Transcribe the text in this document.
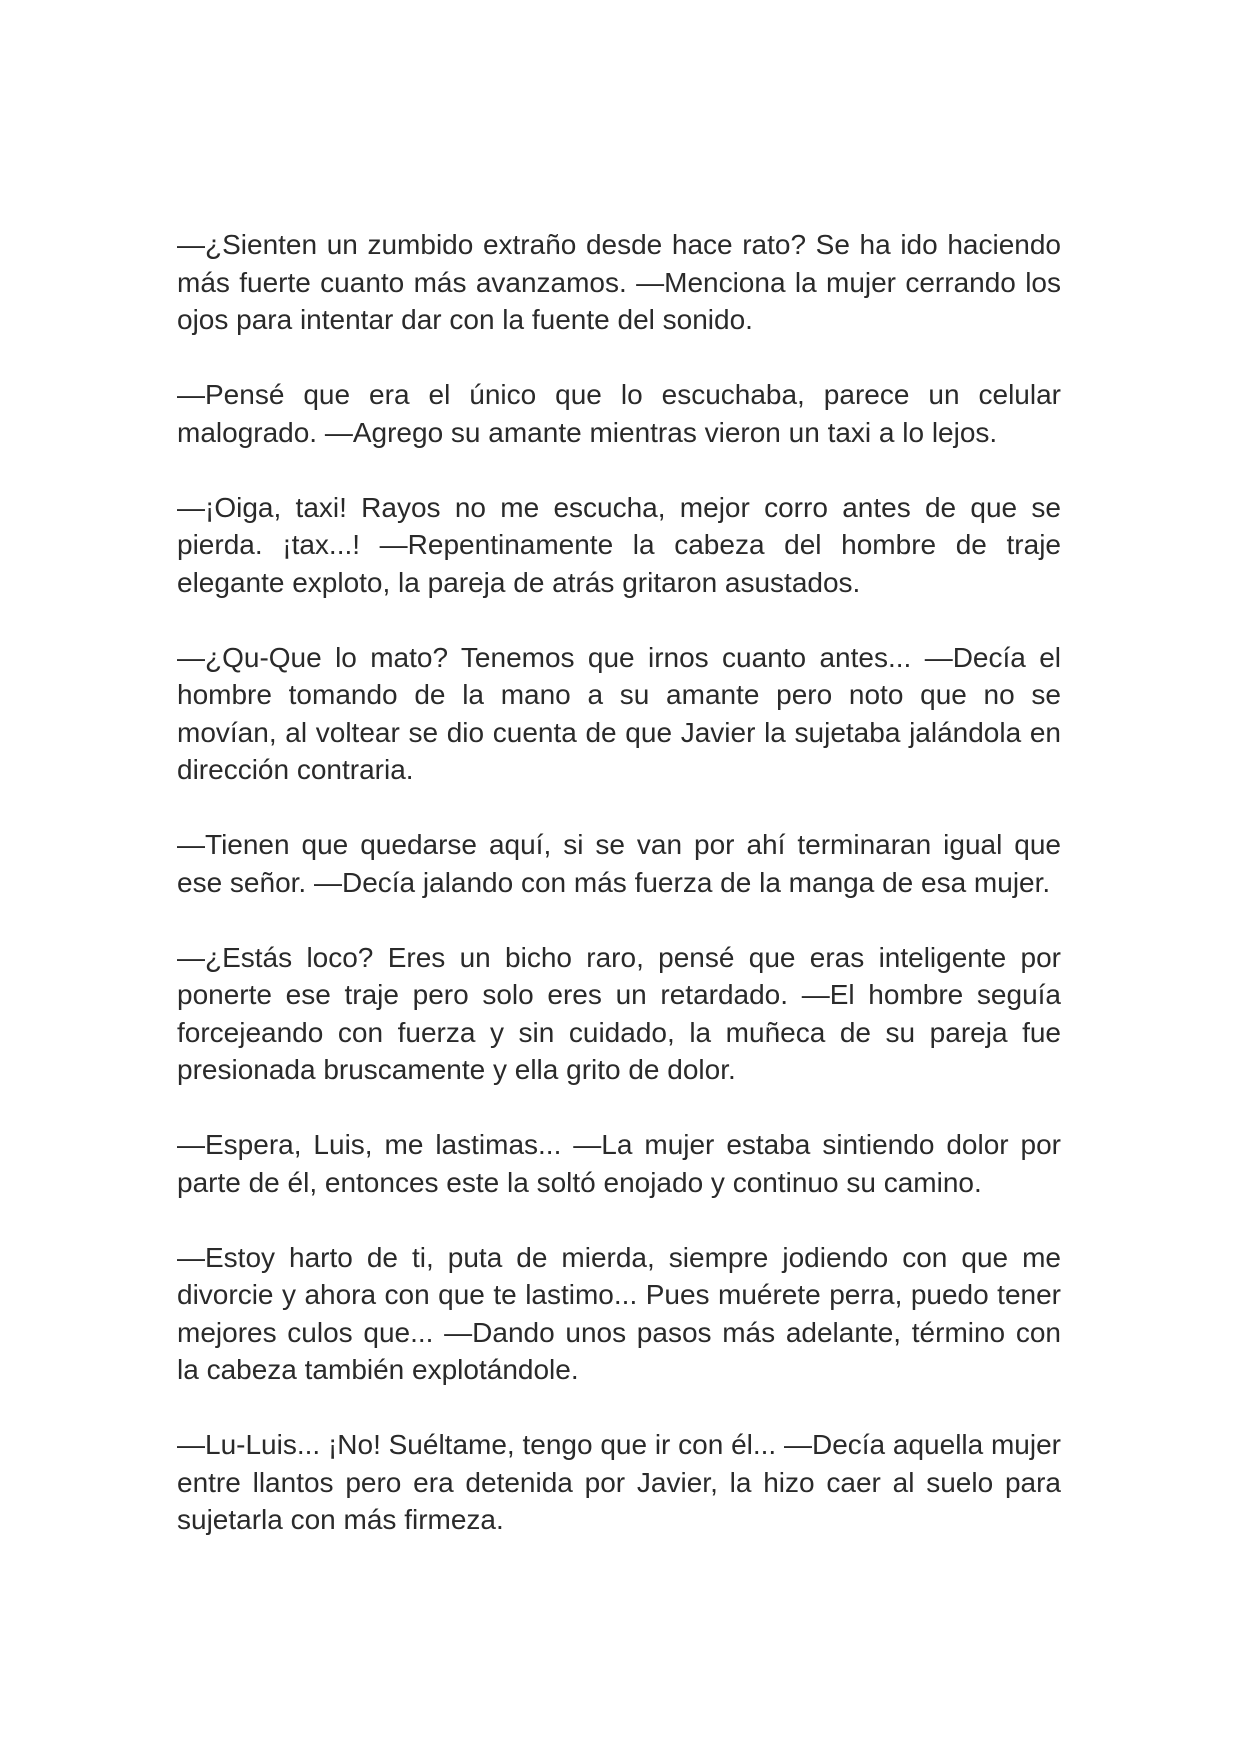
—¿Sienten un zumbido extraño desde hace rato? Se ha ido haciendo más fuerte cuanto más avanzamos. —Menciona la mujer cerrando los ojos para intentar dar con la fuente del sonido.

—Pensé que era el único que lo escuchaba, parece un celular malogrado. —Agrego su amante mientras vieron un taxi a lo lejos.

—¡Oiga, taxi! Rayos no me escucha, mejor corro antes de que se pierda. ¡tax...! —Repentinamente la cabeza del hombre de traje elegante exploto, la pareja de atrás gritaron asustados.

—¿Qu-Que lo mato? Tenemos que irnos cuanto antes... —Decía el hombre tomando de la mano a su amante pero noto que no se movían, al voltear se dio cuenta de que Javier la sujetaba jalándola en dirección contraria.

—Tienen que quedarse aquí, si se van por ahí terminaran igual que ese señor. —Decía jalando con más fuerza de la manga de esa mujer.

—¿Estás loco? Eres un bicho raro, pensé que eras inteligente por ponerte ese traje pero solo eres un retardado. —El hombre seguía forcejeando con fuerza y sin cuidado, la muñeca de su pareja fue presionada bruscamente y ella grito de dolor.

—Espera, Luis, me lastimas... —La mujer estaba sintiendo dolor por parte de él, entonces este la soltó enojado y continuo su camino.

—Estoy harto de ti, puta de mierda, siempre jodiendo con que me divorcie y ahora con que te lastimo... Pues muérete perra, puedo tener mejores culos que... —Dando unos pasos más adelante, término con la cabeza también explotándole.

—Lu-Luis... ¡No! Suéltame, tengo que ir con él... —Decía aquella mujer entre llantos pero era detenida por Javier, la hizo caer al suelo para sujetarla con más firmeza.
